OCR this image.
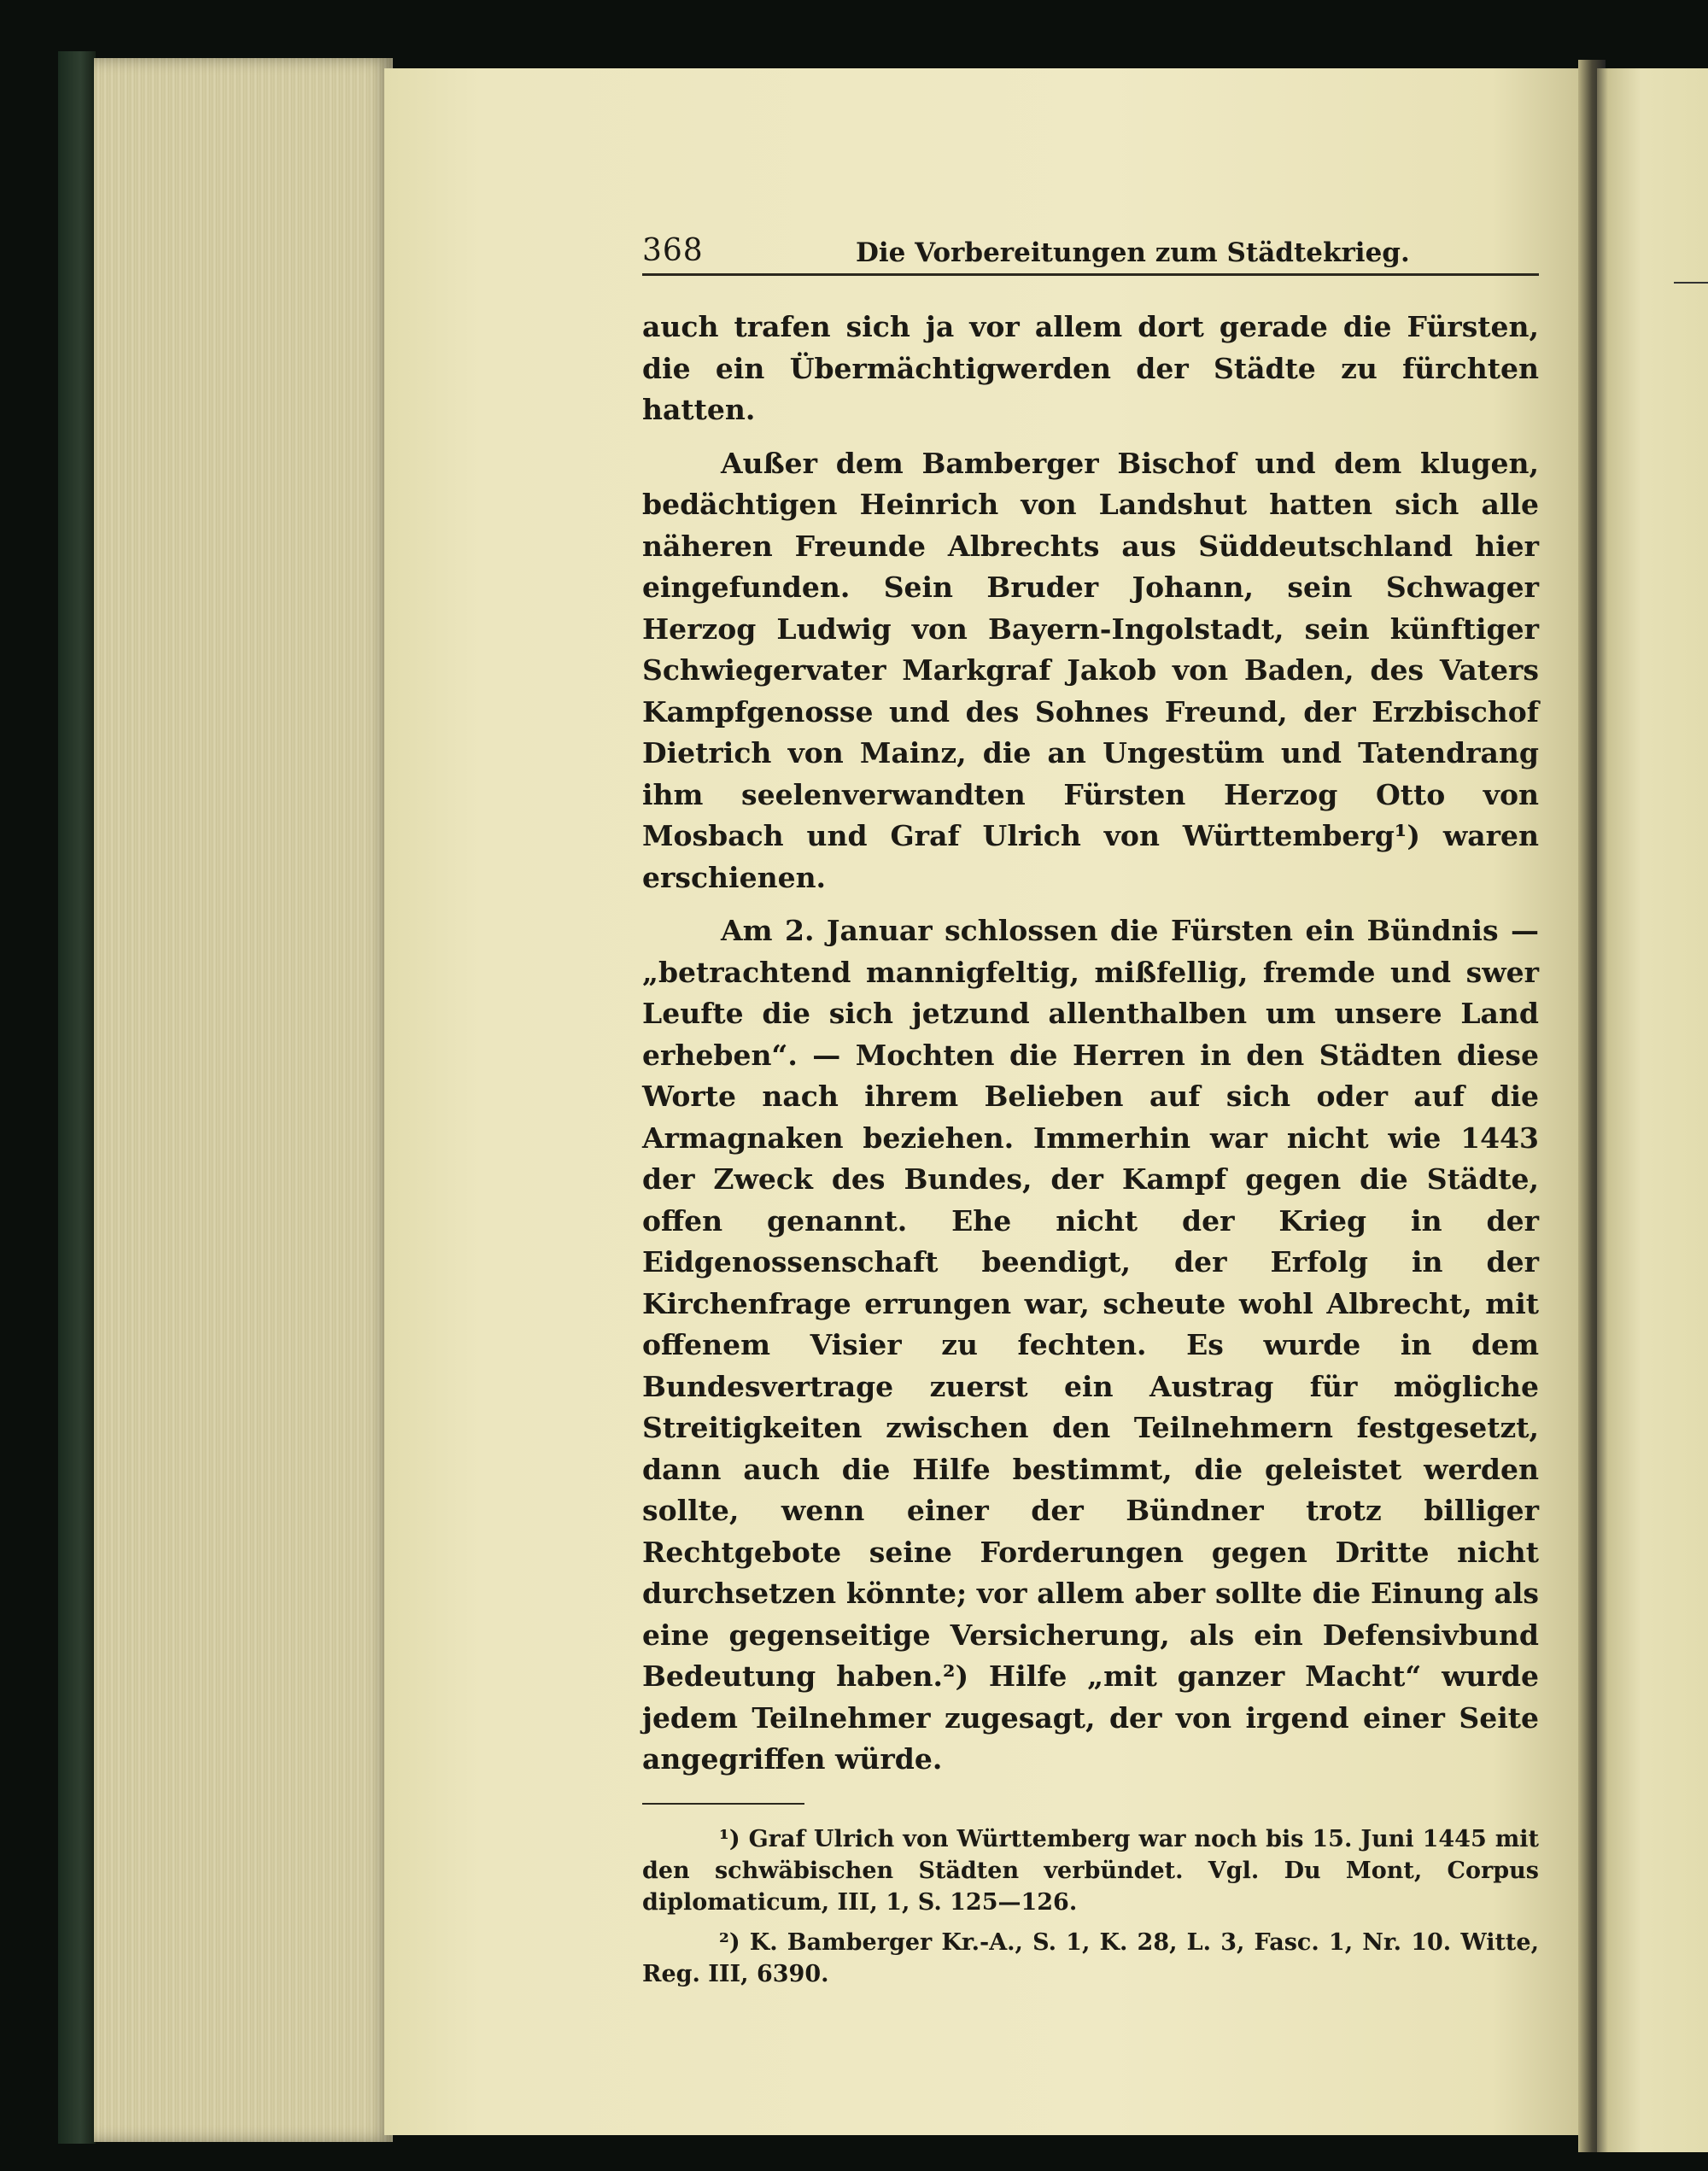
368	Die Vorbereitungen zum Städtekrieg.

auch trafen sich ja vor allem dort gerade die Fürsten, die ein Übermächtigwerden der Städte zu fürchten hatten.

Außer dem Bamberger Bischof und dem klugen, bedächtigen Heinrich von Landshut hatten sich alle näheren Freunde Albrechts aus Süddeutschland hier eingefunden. Sein Bruder Johann, sein Schwager Herzog Ludwig von Bayern-Ingolstadt, sein künftiger Schwiegervater Markgraf Jakob von Baden, des Vaters Kampfgenosse und des Sohnes Freund, der Erzbischof Dietrich von Mainz, die an Ungestüm und Tatendrang ihm seelenverwandten Fürsten Herzog Otto von Mosbach und Graf Ulrich von Württemberg¹) waren erschienen.

Am 2. Januar schlossen die Fürsten ein Bündnis — „betrachtend mannigfeltig, mißfellig, fremde und swer Leufte die sich jetzund allenthalben um unsere Land erheben“. — Mochten die Herren in den Städten diese Worte nach ihrem Belieben auf sich oder auf die Armagnaken beziehen. Immerhin war nicht wie 1443 der Zweck des Bundes, der Kampf gegen die Städte, offen genannt. Ehe nicht der Krieg in der Eidgenossenschaft beendigt, der Erfolg in der Kirchenfrage errungen war, scheute wohl Albrecht, mit offenem Visier zu fechten. Es wurde in dem Bundesvertrage zuerst ein Austrag für mögliche Streitigkeiten zwischen den Teilnehmern festgesetzt, dann auch die Hilfe bestimmt, die geleistet werden sollte, wenn einer der Bündner trotz billiger Rechtgebote seine Forderungen gegen Dritte nicht durchsetzen könnte; vor allem aber sollte die Einung als eine gegenseitige Versicherung, als ein Defensivbund Bedeutung haben.²) Hilfe „mit ganzer Macht“ wurde jedem Teilnehmer zugesagt, der von irgend einer Seite angegriffen würde.

¹) Graf Ulrich von Württemberg war noch bis 15. Juni 1445 mit den schwäbischen Städten verbündet. Vgl. Du Mont, Corpus diplomaticum, III, 1, S. 125—126.

²) K. Bamberger Kr.-A., S. 1, K. 28, L. 3, Fasc. 1, Nr. 10. Witte, Reg. III, 6390.
